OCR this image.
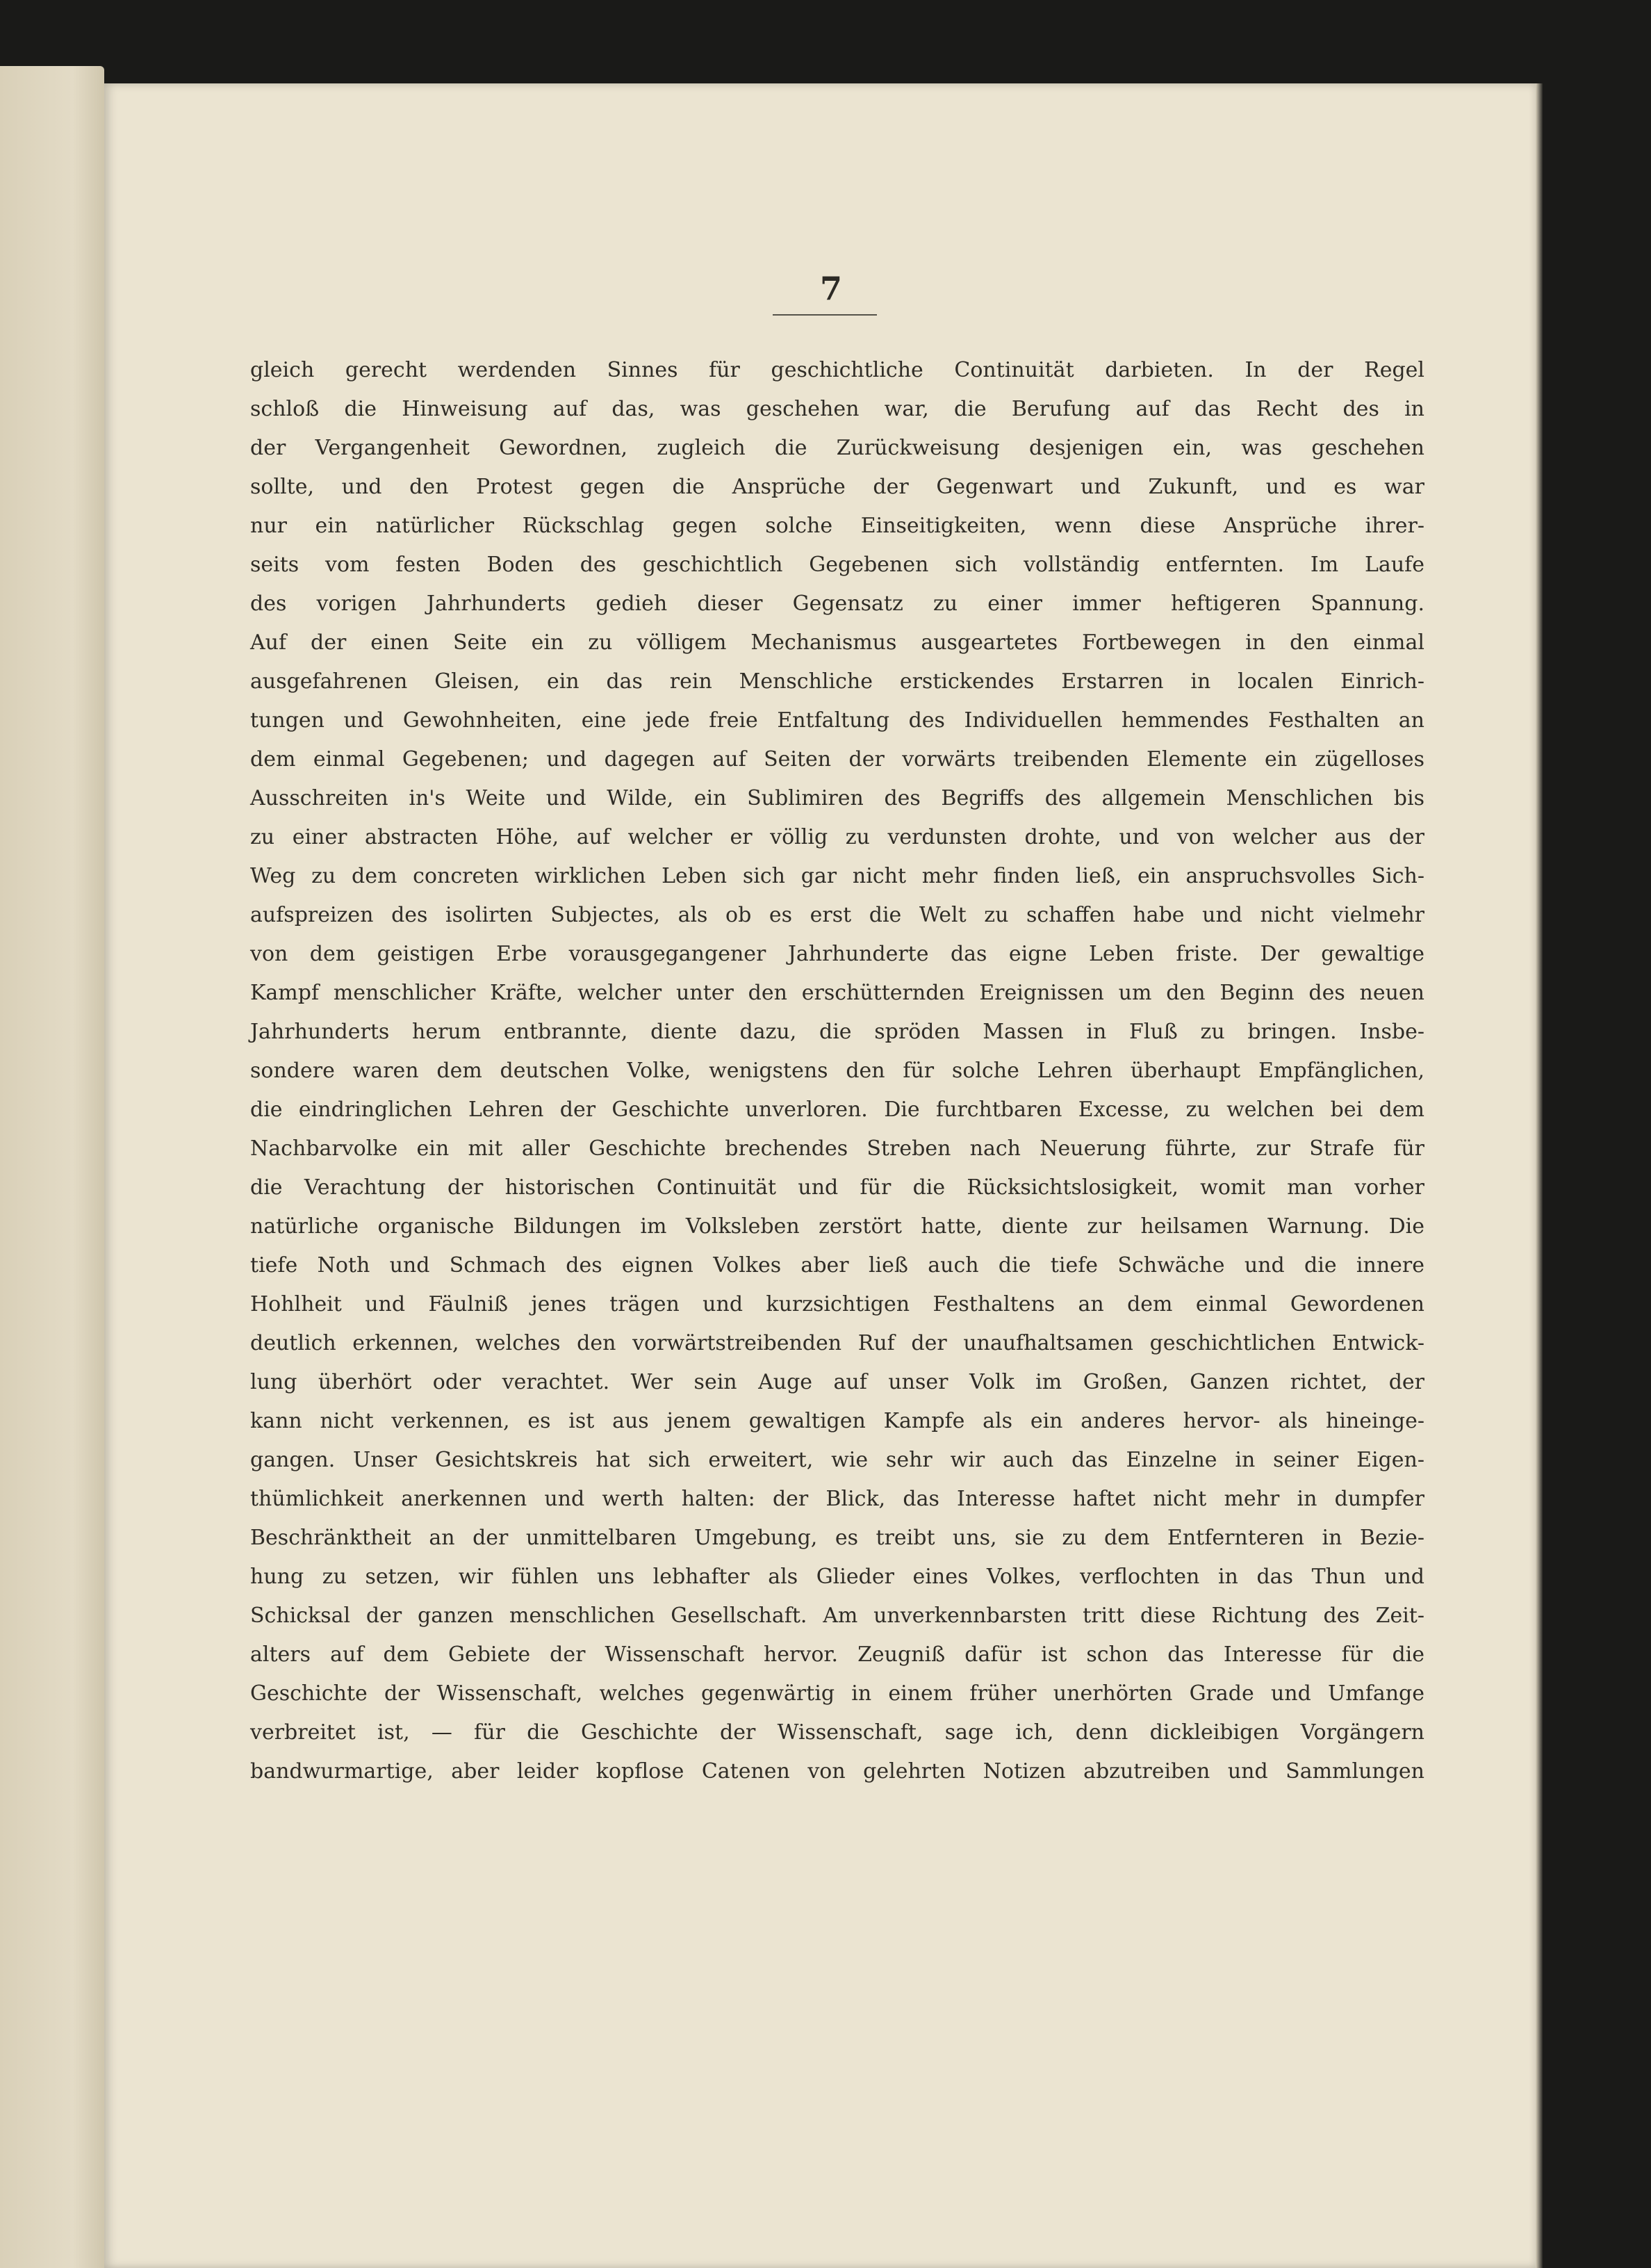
7
gleich gerecht werdenden Sinnes für geschichtliche Continuität darbieten. In der Regel
schloß die Hinweisung auf das, was geschehen war, die Berufung auf das Recht des in
der Vergangenheit Gewordnen, zugleich die Zurückweisung desjenigen ein, was geschehen
sollte, und den Protest gegen die Ansprüche der Gegenwart und Zukunft, und es war
nur ein natürlicher Rückschlag gegen solche Einseitigkeiten, wenn diese Ansprüche ihrer-
seits vom festen Boden des geschichtlich Gegebenen sich vollständig entfernten. Im Laufe
des vorigen Jahrhunderts gedieh dieser Gegensatz zu einer immer heftigeren Spannung.
Auf der einen Seite ein zu völligem Mechanismus ausgeartetes Fortbewegen in den einmal
ausgefahrenen Gleisen, ein das rein Menschliche erstickendes Erstarren in localen Einrich-
tungen und Gewohnheiten, eine jede freie Entfaltung des Individuellen hemmendes Festhalten an
dem einmal Gegebenen; und dagegen auf Seiten der vorwärts treibenden Elemente ein zügelloses
Ausschreiten in's Weite und Wilde, ein Sublimiren des Begriffs des allgemein Menschlichen bis
zu einer abstracten Höhe, auf welcher er völlig zu verdunsten drohte, und von welcher aus der
Weg zu dem concreten wirklichen Leben sich gar nicht mehr finden ließ, ein anspruchsvolles Sich-
aufspreizen des isolirten Subjectes, als ob es erst die Welt zu schaffen habe und nicht vielmehr
von dem geistigen Erbe vorausgegangener Jahrhunderte das eigne Leben friste. Der gewaltige
Kampf menschlicher Kräfte, welcher unter den erschütternden Ereignissen um den Beginn des neuen
Jahrhunderts herum entbrannte, diente dazu, die spröden Massen in Fluß zu bringen. Insbe-
sondere waren dem deutschen Volke, wenigstens den für solche Lehren überhaupt Empfänglichen,
die eindringlichen Lehren der Geschichte unverloren. Die furchtbaren Excesse, zu welchen bei dem
Nachbarvolke ein mit aller Geschichte brechendes Streben nach Neuerung führte, zur Strafe für
die Verachtung der historischen Continuität und für die Rücksichtslosigkeit, womit man vorher
natürliche organische Bildungen im Volksleben zerstört hatte, diente zur heilsamen Warnung. Die
tiefe Noth und Schmach des eignen Volkes aber ließ auch die tiefe Schwäche und die innere
Hohlheit und Fäulniß jenes trägen und kurzsichtigen Festhaltens an dem einmal Gewordenen
deutlich erkennen, welches den vorwärtstreibenden Ruf der unaufhaltsamen geschichtlichen Entwick-
lung überhört oder verachtet. Wer sein Auge auf unser Volk im Großen, Ganzen richtet, der
kann nicht verkennen, es ist aus jenem gewaltigen Kampfe als ein anderes hervor- als hineinge-
gangen. Unser Gesichtskreis hat sich erweitert, wie sehr wir auch das Einzelne in seiner Eigen-
thümlichkeit anerkennen und werth halten: der Blick, das Interesse haftet nicht mehr in dumpfer
Beschränktheit an der unmittelbaren Umgebung, es treibt uns, sie zu dem Entfernteren in Bezie-
hung zu setzen, wir fühlen uns lebhafter als Glieder eines Volkes, verflochten in das Thun und
Schicksal der ganzen menschlichen Gesellschaft. Am unverkennbarsten tritt diese Richtung des Zeit-
alters auf dem Gebiete der Wissenschaft hervor. Zeugniß dafür ist schon das Interesse für die
Geschichte der Wissenschaft, welches gegenwärtig in einem früher unerhörten Grade und Umfange
verbreitet ist, — für die Geschichte der Wissenschaft, sage ich, denn dickleibigen Vorgängern
bandwurmartige, aber leider kopflose Catenen von gelehrten Notizen abzutreiben und Sammlungen
